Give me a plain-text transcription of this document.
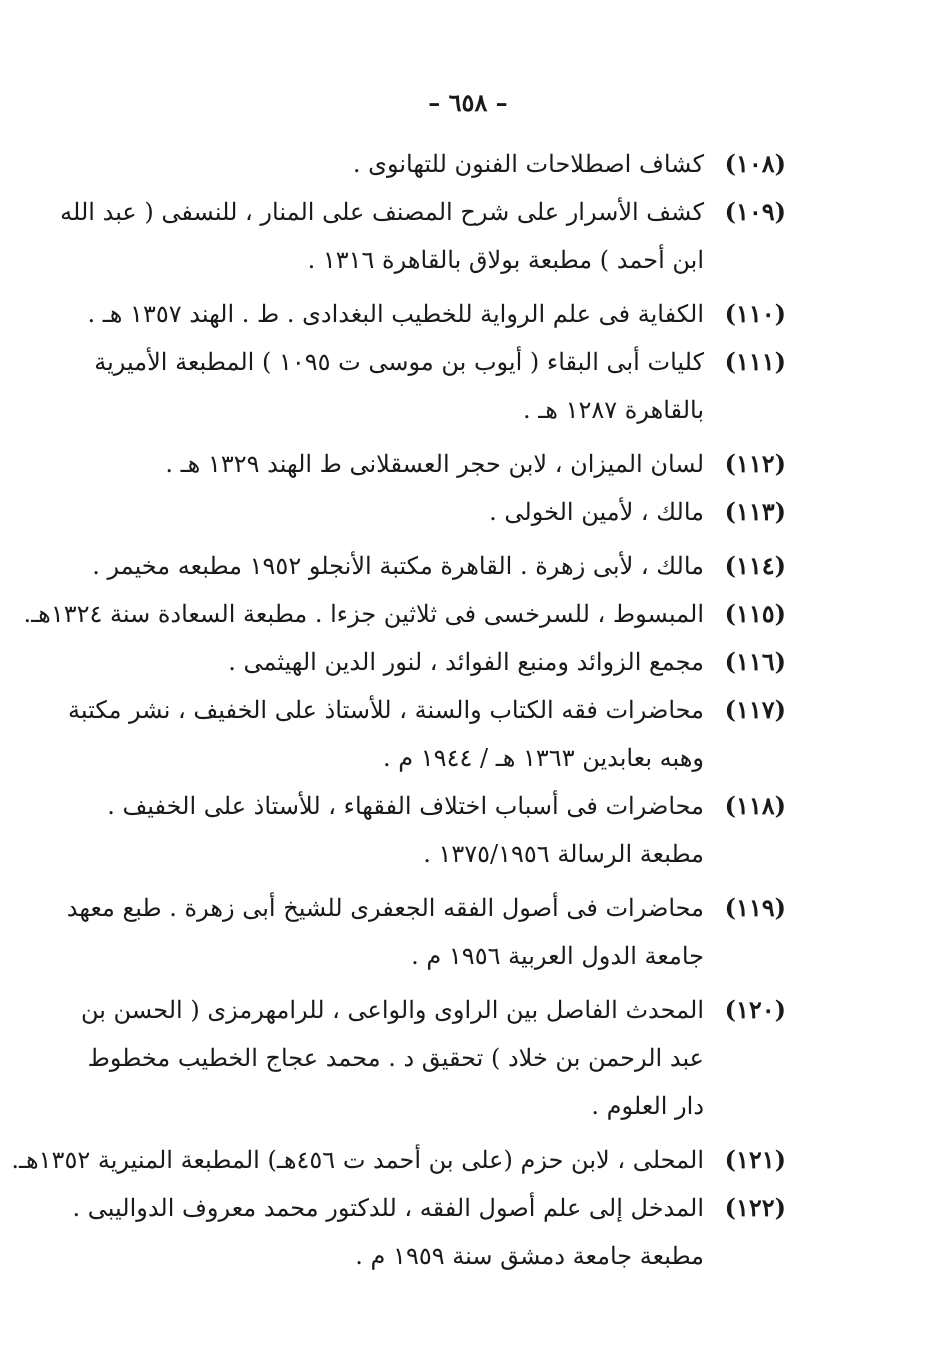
– ٦٥٨ –
(١٠٨)
كشاف اصطلاحات الفنون للتهانوى .
(١٠٩)
كشف الأسرار على شرح المصنف على المنار ، للنسفى ( عبد الله
ابن أحمد ) مطبعة بولاق بالقاهرة ١٣١٦ .
(١١٠)
الكفاية فى علم الرواية للخطيب البغدادى . ط . الهند ١٣٥٧ هـ .
(١١١)
كليات أبى البقاء ( أيوب بن موسى ت ١٠٩٥ ) المطبعة الأميرية
بالقاهرة ١٢٨٧ هـ .
(١١٢)
لسان الميزان ، لابن حجر العسقلانى ط الهند ١٣٢٩ هـ .
(١١٣)
مالك ، لأمين الخولى .
(١١٤)
مالك ، لأبى زهرة . القاهرة مكتبة الأنجلو ١٩٥٢ مطبعه مخيمر .
(١١٥)
المبسوط ، للسرخسى فى ثلاثين جزءا . مطبعة السعادة سنة ١٣٢٤هـ.
(١١٦)
مجمع الزوائد ومنبع الفوائد ، لنور الدين الهيثمى .
(١١٧)
محاضرات فقه الكتاب والسنة ، للأستاذ على الخفيف ، نشر مكتبة
وهبه بعابدين ١٣٦٣ هـ / ١٩٤٤ م .
(١١٨)
محاضرات فى أسباب اختلاف الفقهاء ، للأستاذ على الخفيف .
مطبعة الرسالة ١٣٧٥/١٩٥٦ .
(١١٩)
محاضرات فى أصول الفقه الجعفرى للشيخ أبى زهرة . طبع معهد
جامعة الدول العربية ١٩٥٦ م .
(١٢٠)
المحدث الفاصل بين الراوى والواعى ، للرامهرمزى ( الحسن بن
عبد الرحمن بن خلاد ) تحقيق د . محمد عجاج الخطيب مخطوط
دار العلوم .
(١٢١)
المحلى ، لابن حزم (على بن أحمد ت ٤٥٦هـ) المطبعة المنيرية ١٣٥٢هـ.
(١٢٢)
المدخل إلى علم أصول الفقه ، للدكتور محمد معروف الدواليبى .
مطبعة جامعة دمشق سنة ١٩٥٩ م .
